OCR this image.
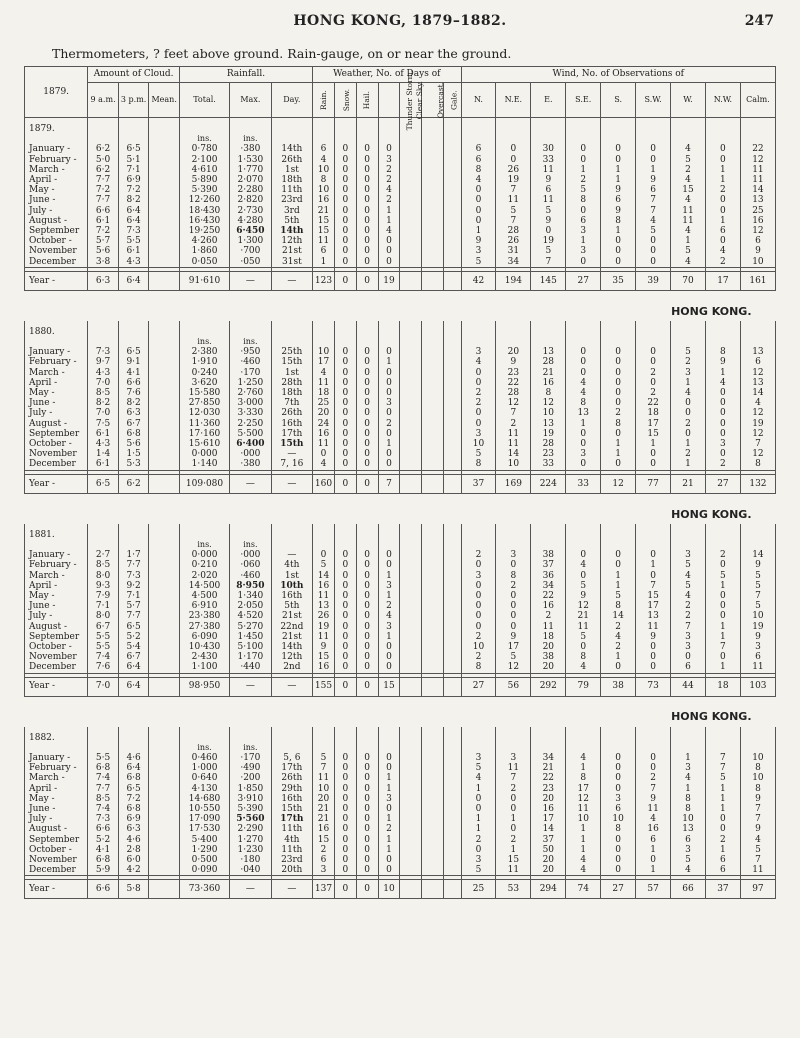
HONG KONG, 1879–1882.	247
Thermometers, ? feet above ground. Rain-gauge, on or near the ground.
1879.	Amount of Cloud.			Rainfall.			Weather, No. of Days of							Wind, No. of Observations of								
	9 a.m.	3 p.m.	Mean.	Total.	Max.	Day.	Rain.	Snow.	Hail.	Thunder Storm.	Clear Sky.	Overcast.	Gale.	N.	N.E.	E.	S.E.	S.	S.W.	W.	N.W.	Calm.
1879.																						
				ins.	ins.																	
January -	6·2	6·5		0·780	·380	14th	6	0	0	0				6	0	30	0	0	0	4	0	22
February -	5·0	5·1		2·100	1·530	26th	4	0	0	3				6	0	33	0	0	0	5	0	12
March -	6·2	7·1		4·610	1·770	1st	10	0	0	2				8	26	11	1	1	1	2	1	11
April -	7·7	6·9		5·890	2·070	18th	8	0	0	2				4	19	9	2	1	9	4	1	11
May -	7·2	7·2		5·390	2·280	11th	10	0	0	4				0	7	6	5	9	6	15	2	14
June -	7·7	8·2		12·260	2·820	23rd	16	0	0	2				0	11	11	8	6	7	4	0	13
July -	6·6	6·4		18·430	2·730	3rd	21	0	0	1				0	5	5	0	9	7	11	0	25
August -	6·1	6·4		16·430	4·280	5th	15	0	0	1				0	7	9	6	8	4	11	1	16
September	7·2	7·3		19·250	6·450	14th	15	0	0	4				1	28	0	3	1	5	4	6	12
October -	5·7	5·5		4·260	1·300	12th	11	0	0	0				9	26	19	1	0	0	1	0	6
November	5·6	6·1		1·860	·700	21st	6	0	0	0				3	31	5	3	0	0	5	4	9
December	3·8	4·3		0·050	·050	31st	1	0	0	0				5	34	7	0	0	0	4	2	10

Year -	6·3	6·4		91·610	—	—	123	0	0	19				42	194	145	27	35	39	70	17	161

HONG KONG.																						
1880.																						
				ins.	ins.																	
January -	7·3	6·5		2·380	·950	25th	10	0	0	0				3	20	13	0	0	0	5	8	13
February -	9·7	9·1		1·910	·460	15th	17	0	0	1				4	9	28	0	0	0	2	9	6
March -	4·3	4·1		0·240	·170	1st	4	0	0	0				0	23	21	0	0	2	3	1	12
April -	7·0	6·6		3·620	1·250	28th	11	0	0	0				0	22	16	4	0	0	1	4	13
May -	8·5	7·6		15·580	2·760	18th	18	0	0	0				2	28	8	4	0	2	4	0	14
June -	8·2	8·2		27·850	3·000	7th	25	0	0	3				2	12	12	8	0	22	0	0	4
July -	7·0	6·3		12·030	3·330	26th	20	0	0	0				0	7	10	13	2	18	0	0	12
August -	7·5	6·7		11·360	2·250	16th	24	0	0	2				0	2	13	1	8	17	2	0	19
September	6·1	6·8		17·160	5·500	17th	16	0	0	0				3	11	19	0	0	15	0	0	12
October -	4·3	5·6		15·610	6·400	15th	11	0	0	1				10	11	28	0	1	1	1	3	7
November	1·4	1·5		0·000	·000	—	0	0	0	0				5	14	23	3	1	0	2	0	12
December	6·1	5·3		1·140	·380	7, 16	4	0	0	0				8	10	33	0	0	0	1	2	8

Year -	6·5	6·2		109·080	—	—	160	0	0	7				37	169	224	33	12	77	21	27	132

HONG KONG.																						
1881.																						
				ins.	ins.																	
January -	2·7	1·7		0·000	·000	—	0	0	0	0				2	3	38	0	0	0	3	2	14
February -	8·5	7·7		0·210	·060	4th	5	0	0	0				0	0	37	4	0	1	5	0	9
March -	8·0	7·3		2·020	·460	1st	14	0	0	1				3	8	36	0	1	0	4	5	5
April -	9·3	9·2		14·500	8·950	10th	16	0	0	3				0	2	34	5	1	7	5	1	5
May -	7·9	7·1		4·500	1·340	16th	11	0	0	1				0	0	22	9	5	15	4	0	7
June -	7·1	5·7		6·910	2·050	5th	13	0	0	2				0	0	16	12	8	17	2	0	5
July -	8·0	7·7		23·380	4·520	21st	26	0	0	4				0	0	2	21	14	13	2	0	10
August -	6·7	6·5		27·380	5·270	22nd	19	0	0	3				0	0	11	11	2	11	7	1	19
September	5·5	5·2		6·090	1·450	21st	11	0	0	1				2	9	18	5	4	9	3	1	9
October -	5·5	5·4		10·430	5·100	14th	9	0	0	0				10	17	20	0	2	0	3	7	3
November	7·4	6·7		2·430	1·170	12th	15	0	0	0				2	5	38	8	1	0	0	0	6
December	7·6	6·4		1·100	·440	2nd	16	0	0	0				8	12	20	4	0	0	6	1	11

Year -	7·0	6·4		98·950	—	—	155	0	0	15				27	56	292	79	38	73	44	18	103

HONG KONG.																						
1882.																						
				ins.	ins.																	
January -	5·5	4·6		0·460	·170	5, 6	5	0	0	0				3	3	34	4	0	0	1	7	10
February -	6·8	6·4		1·000	·490	17th	7	0	0	0				5	11	21	1	0	0	3	7	8
March -	7·4	6·8		0·640	·200	26th	11	0	0	1				4	7	22	8	0	2	4	5	10
April -	7·7	6·5		4·130	1·850	29th	10	0	0	1				1	2	23	17	0	7	1	1	8
May -	8·5	7·2		14·680	3·910	16th	20	0	0	3				0	0	20	12	3	9	8	1	9
June -	7·4	6·8		10·550	5·390	15th	21	0	0	0				0	0	16	11	6	11	8	1	7
July -	7·3	6·9		17·090	5·560	17th	21	0	0	1				1	1	17	10	10	4	10	0	7
August -	6·6	6·3		17·530	2·290	11th	16	0	0	2				1	0	14	1	8	16	13	0	9
September	5·2	4·6		5·400	1·270	4th	15	0	0	1				2	2	37	1	0	6	6	2	4
October -	4·1	2·8		1·290	1·230	11th	2	0	0	1				0	1	50	1	0	1	3	1	5
November	6·8	6·0		0·500	·180	23rd	6	0	0	0				3	15	20	4	0	0	5	6	7
December	5·9	4·2		0·090	·040	20th	3	0	0	0				5	11	20	4	0	1	4	6	11

Year -	6·6	5·8		73·360	—	—	137	0	0	10				25	53	294	74	27	57	66	37	97
